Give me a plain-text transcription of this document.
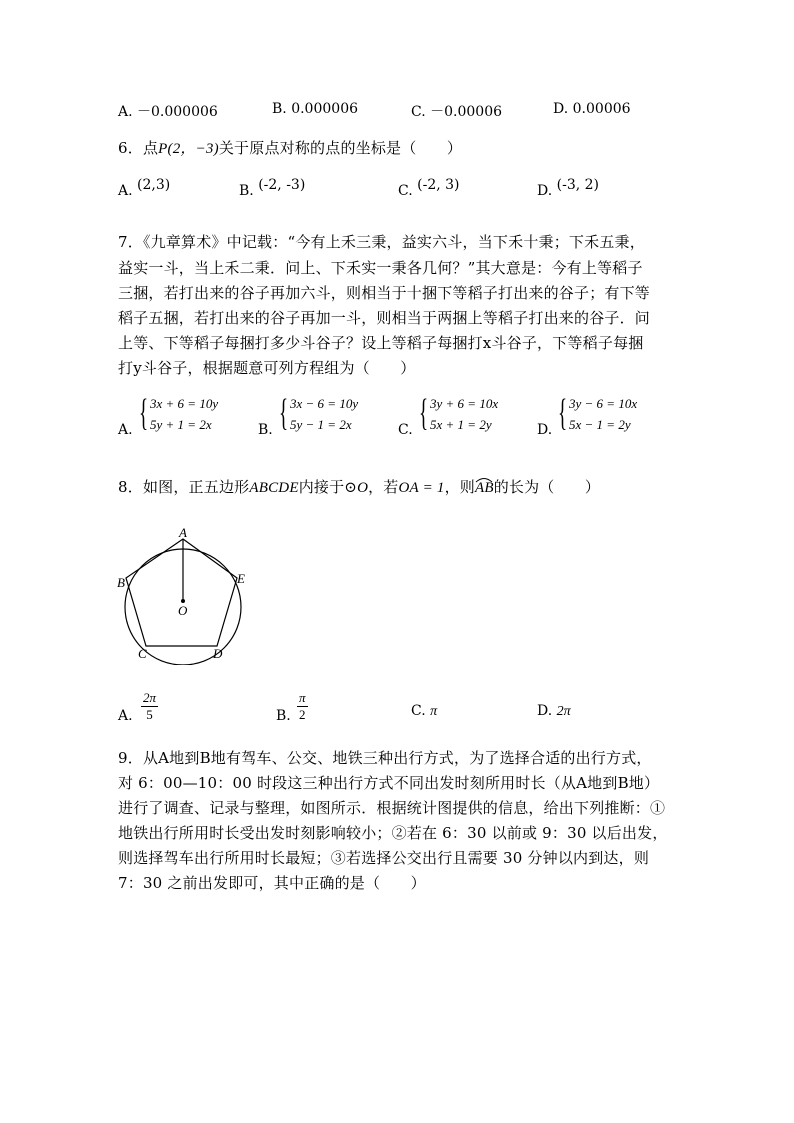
A. －0.000006	B. 0.000006	C. －0.00006	D. 0.00006
6．点P(2，−3)关于原点对称的点的坐标是（　　）
A. (2,3)	B. (-2, -3)	C. (-2, 3)	D. (-3, 2)
7．《九章算术》中记载：“今有上禾三秉，益实六斗，当下禾十秉；下禾五秉，
益实一斗，当上禾二秉．问上、下禾实一秉各几何？”其大意是：今有上等稻子
三捆，若打出来的谷子再加六斗，则相当于十捆下等稻子打出来的谷子；有下等
稻子五捆，若打出来的谷子再加一斗，则相当于两捆上等稻子打出来的谷子．问
上等、下等稻子每捆打多少斗谷子？设上等稻子每捆打x斗谷子，下等稻子每捆
打y斗谷子，根据题意可列方程组为（　　）
A. { 3x + 6 = 10y
5y + 1 = 2x	B. { 3x − 6 = 10y
5y − 1 = 2x	C. { 3y + 6 = 10x
5x + 1 = 2y	D. { 3y − 6 = 10x
5x − 1 = 2y
8．如图，正五边形ABCDE内接于⊙O，若OA = 1，则AB
的长为（　　）
A
B
C	D
E
O
A. $\frac{2\pi}{5}$	B. $\frac{\pi}{2}$	C. π	D. 2π
9．从A地到B地有驾车、公交、地铁三种出行方式，为了选择合适的出行方式，
对 6：00—10：00 时段这三种出行方式不同出发时刻所用时长（从A地到B地）
进行了调查、记录与整理，如图所示．根据统计图提供的信息，给出下列推断：①
地铁出行所用时长受出发时刻影响较小；②若在 6：30 以前或 9：30 以后出发，
则选择驾车出行所用时长最短；③若选择公交出行且需要 30 分钟以内到达，则
7：30 之前出发即可，其中正确的是（　　）
